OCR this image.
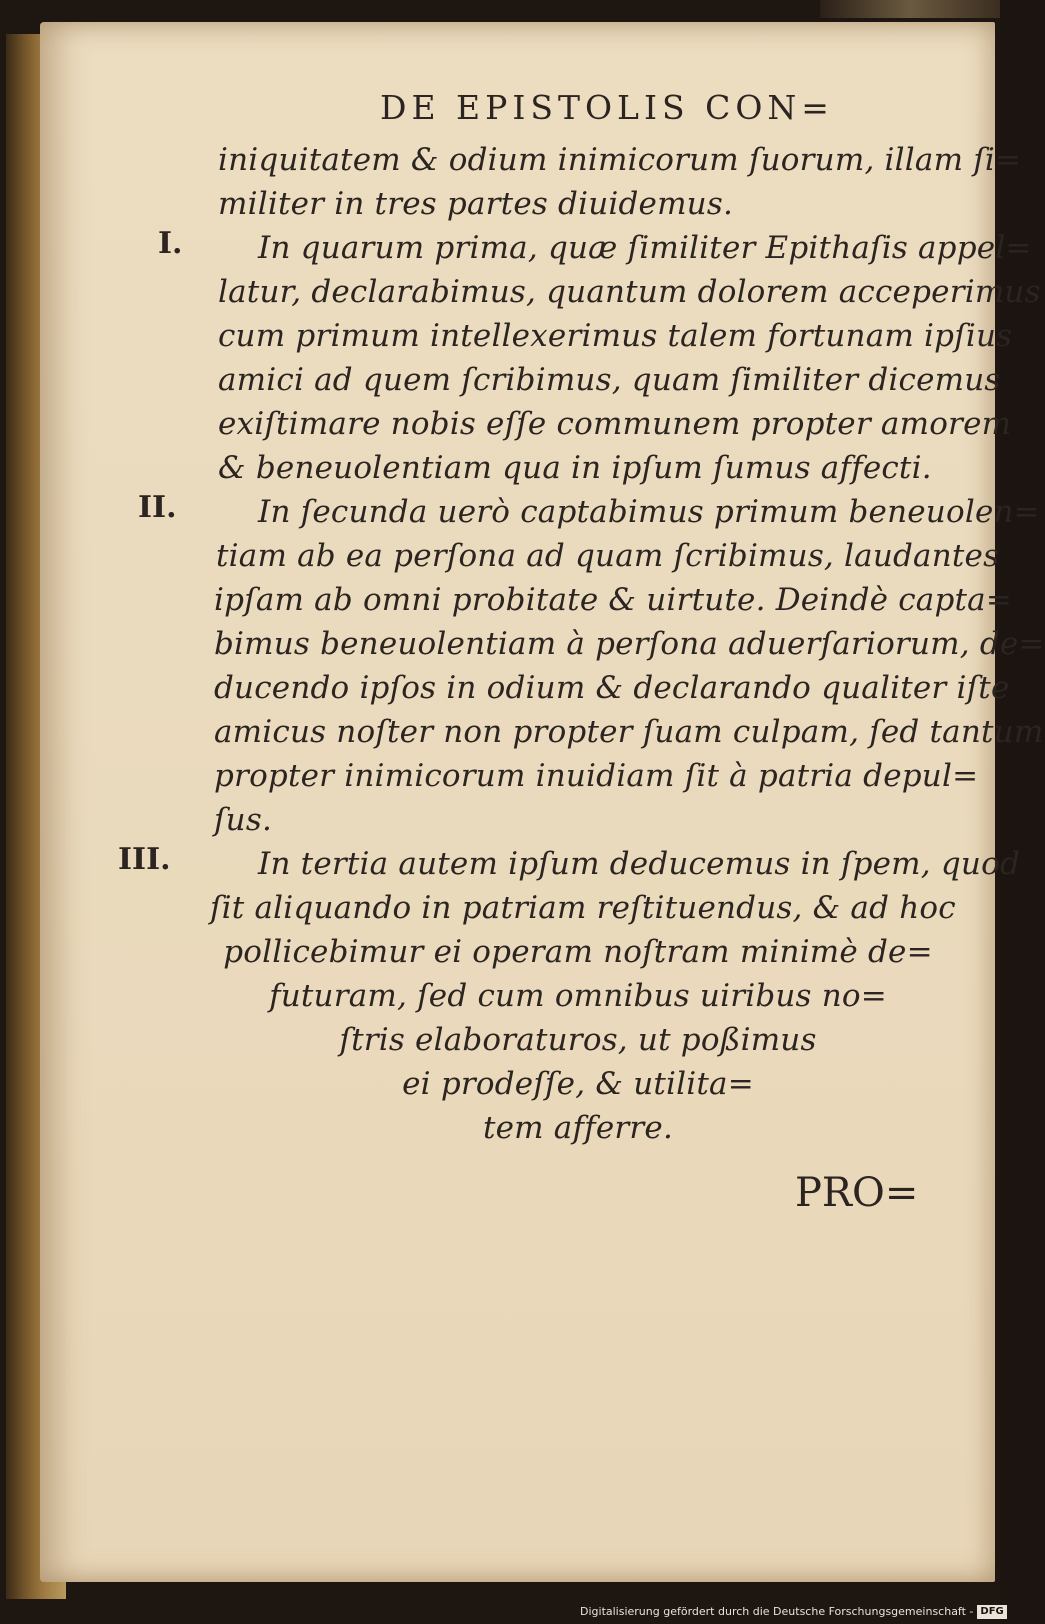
DE EPISTOLIS CON=
iniquitatem & odium inimicorum ſuorum, illam ſi=
militer in tres partes diuidemus.
I. In quarum prima, quæ ſimiliter Epithaſis appel=
latur, declarabimus, quantum dolorem acceperimus
cum primum intellexerimus talem fortunam ipſius
amici ad quem ſcribimus, quam ſimiliter dicemus
exiſtimare nobis eſſe communem propter amorem
& beneuolentiam qua in ipſum ſumus affecti.
II.	In ſecunda uerò captabimus primum beneuolen=
tiam ab ea perſona ad quam ſcribimus, laudantes
ipſam ab omni probitate & uirtute. Deindè capta=
bimus beneuolentiam à perſona aduerſariorum, de=
ducendo ipſos in odium & declarando qualiter iſte
amicus noſter non propter ſuam culpam, ſed tantum
propter inimicorum inuidiam ſit à patria depul=
ſus.
III.	In tertia autem ipſum deducemus in ſpem, quod
ſit aliquando in patriam reſtituendus, & ad hoc
pollicebimur ei operam noſtram minimè de=
futuram, ſed cum omnibus uiribus no=
ſtris elaboraturos, ut poßimus
ei prodeſſe, & utilita=
tem afferre.
PRO=
Digitalisierung gefördert durch die Deutsche Forschungsgemeinschaft - DFG
